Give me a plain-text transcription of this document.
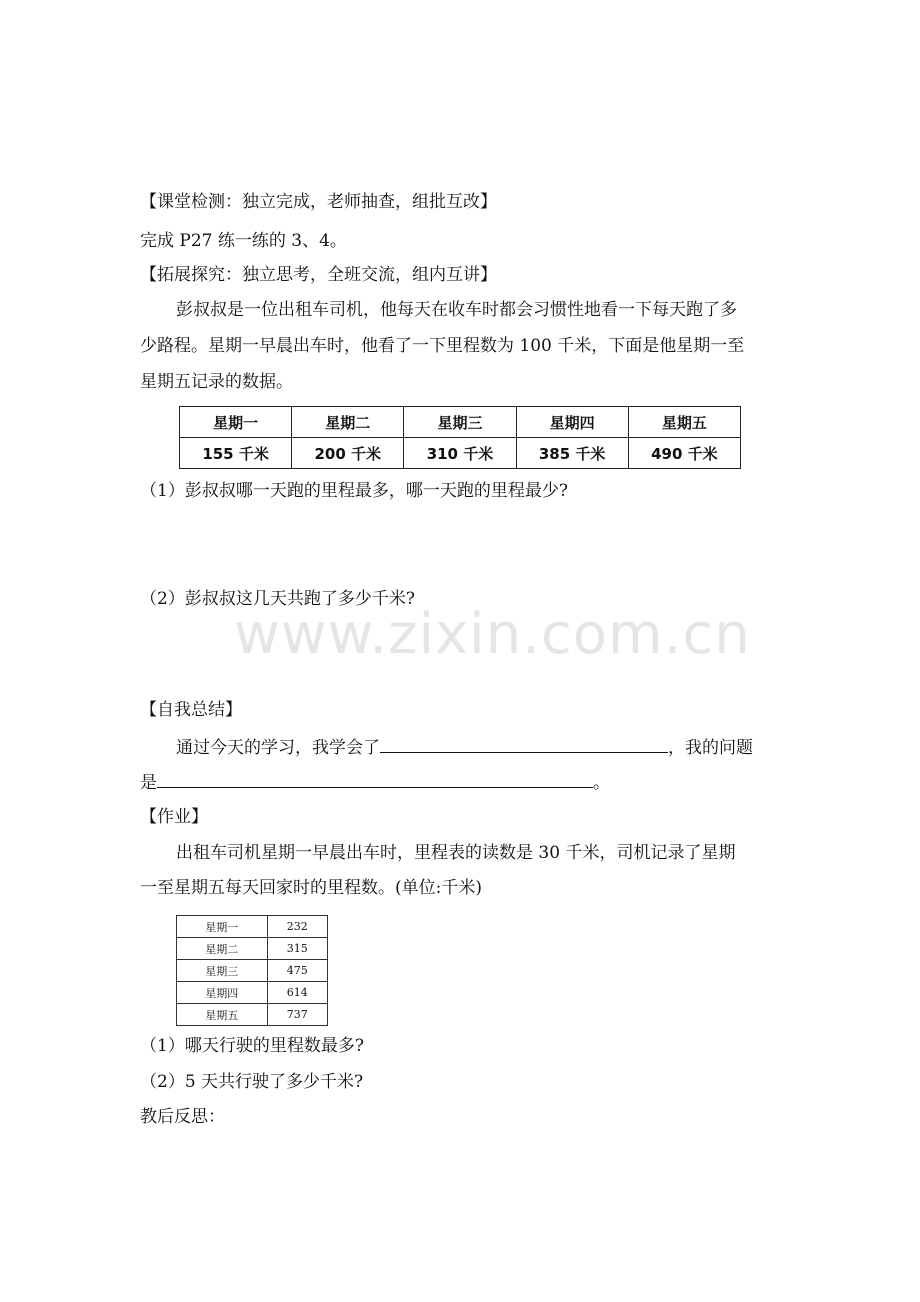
【课堂检测：独立完成，老师抽查，组批互改】
完成 P27 练一练的 3、4。
【拓展探究：独立思考，全班交流，组内互讲】
彭叔叔是一位出租车司机，他每天在收车时都会习惯性地看一下每天跑了多
少路程。星期一早晨出车时，他看了一下里程数为 100 千米，下面是他星期一至
星期五记录的数据。
星期一	星期二	星期三	星期四	星期五
155 千米	200 千米	310 千米	385 千米	490 千米
（1）彭叔叔哪一天跑的里程最多，哪一天跑的里程最少?
（2）彭叔叔这几天共跑了多少千米?
www.zixin.com.cn
【自我总结】
通过今天的学习，我学会了	，我的问题
是	。
【作业】
出租车司机星期一早晨出车时，里程表的读数是 30 千米，司机记录了星期
一至星期五每天回家时的里程数。(单位:千米)
星期一	232
星期二	315
星期三	475
星期四	614
星期五	737
（1）哪天行驶的里程数最多?
（2）5 天共行驶了多少千米?
教后反思：
